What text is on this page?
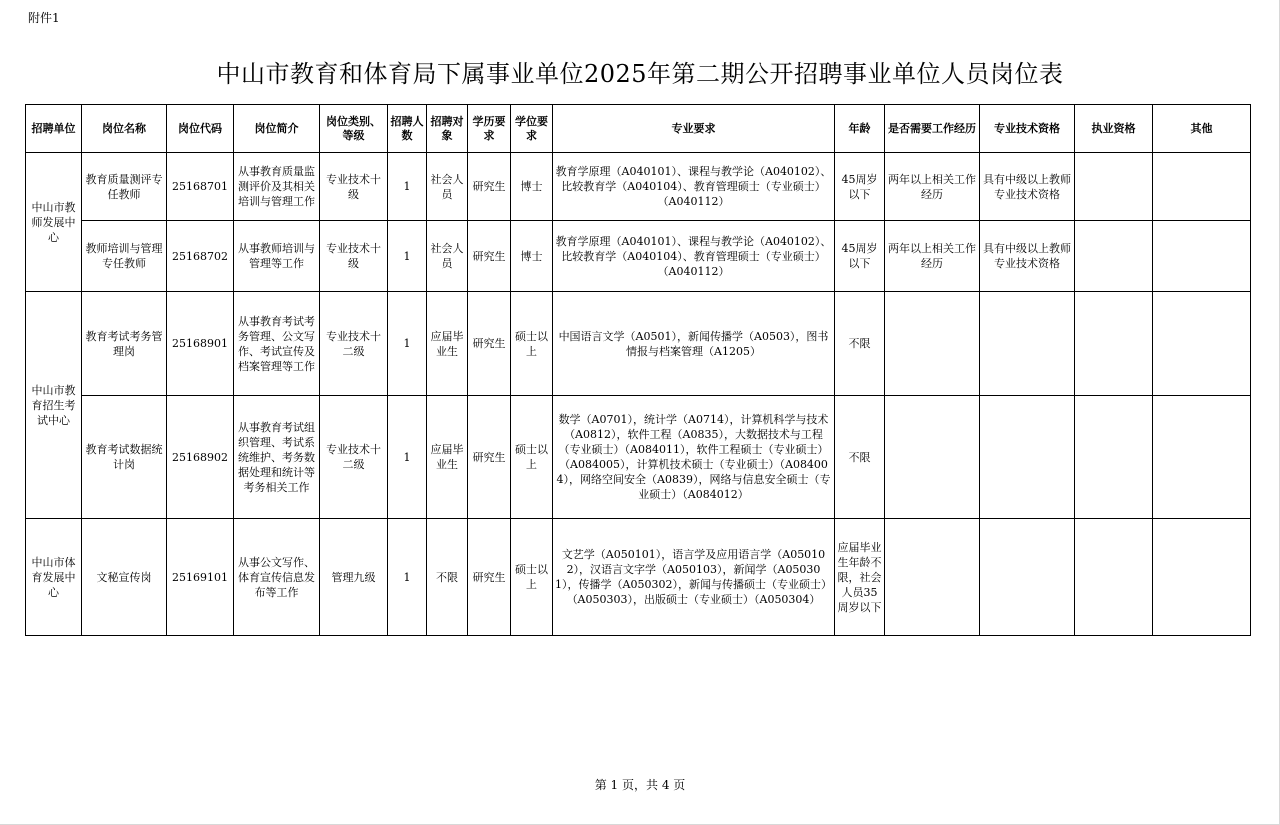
附件1
中山市教育和体育局下属事业单位2025年第二期公开招聘事业单位人员岗位表
招聘单位	岗位名称	岗位代码	岗位简介	岗位类别、等级	招聘人数	招聘对象	学历要求	学位要求	专业要求	年龄	是否需要工作经历	专业技术资格	执业资格	其他
中山市教师发展中心	教育质量测评专任教师	25168701	从事教育质量监测评价及其相关培训与管理工作	专业技术十级	1	社会人员	研究生	博士	教育学原理（A040101）、课程与教学论（A040102）、比较教育学（A040104）、教育管理硕士（专业硕士）（A040112）	45周岁以下	两年以上相关工作经历	具有中级以上教师专业技术资格		
	教师培训与管理专任教师	25168702	从事教师培训与管理等工作	专业技术十级	1	社会人员	研究生	博士	教育学原理（A040101）、课程与教学论（A040102）、比较教育学（A040104）、教育管理硕士（专业硕士）（A040112）	45周岁以下	两年以上相关工作经历	具有中级以上教师专业技术资格		
中山市教育招生考试中心	教育考试考务管理岗	25168901	从事教育考试考务管理、公文写作、考试宣传及档案管理等工作	专业技术十二级	1	应届毕业生	研究生	硕士以上	中国语言文学（A0501），新闻传播学（A0503），图书情报与档案管理（A1205）	不限				
	教育考试数据统计岗	25168902	从事教育考试组织管理、考试系统维护、考务数据处理和统计等考务相关工作	专业技术十二级	1	应届毕业生	研究生	硕士以上	数学（A0701），统计学（A0714），计算机科学与技术（A0812），软件工程（A0835），大数据技术与工程（专业硕士）（A084011），软件工程硕士（专业硕士）（A084005），计算机技术硕士（专业硕士）（A084004），网络空间安全（A0839），网络与信息安全硕士（专业硕士）（A084012）	不限				
中山市体育发展中心	文秘宣传岗	25169101	从事公文写作、体育宣传信息发布等工作	管理九级	1	不限	研究生	硕士以上	文艺学（A050101），语言学及应用语言学（A050102），汉语言文字学（A050103），新闻学（A050301），传播学（A050302），新闻与传播硕士（专业硕士）（A050303），出版硕士（专业硕士）（A050304）	应届毕业生年龄不限，社会人员35周岁以下				
第 1 页，共 4 页
